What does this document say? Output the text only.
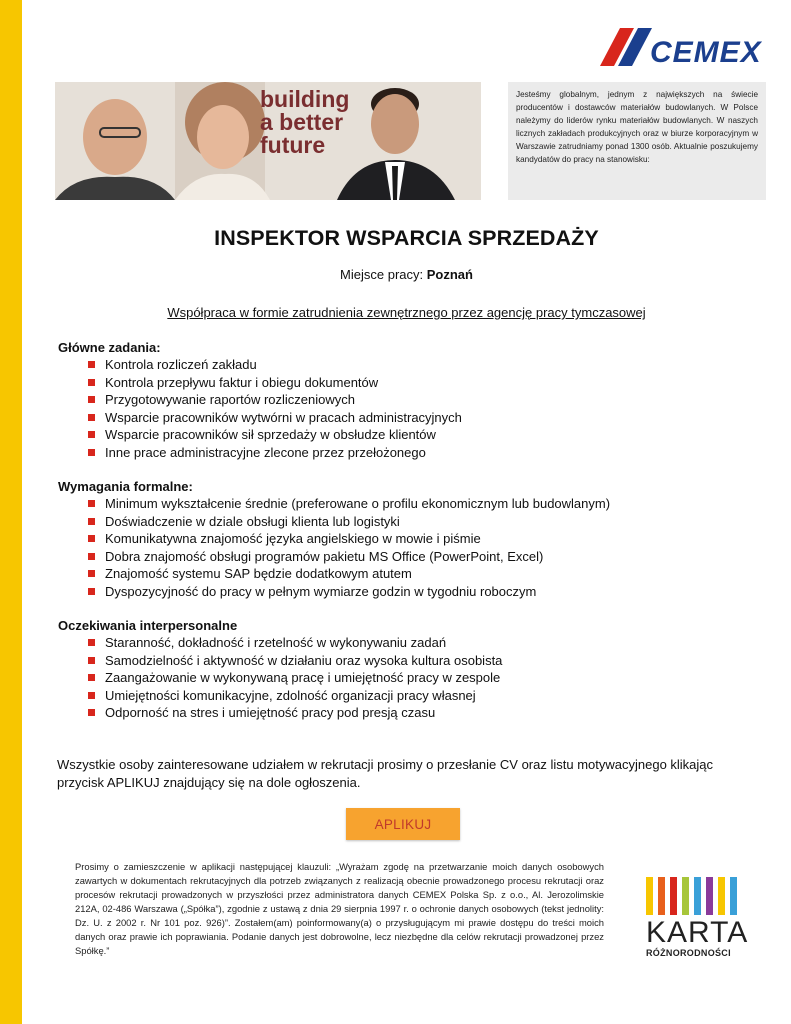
CEMEX
building
a better
future
Jesteśmy globalnym, jednym z największych na świecie producentów i dostawców materiałów budowlanych. W Polsce należymy do liderów rynku materiałów budowlanych. W naszych licznych zakładach produkcyjnych oraz w biurze korporacyjnym w Warszawie zatrudniamy ponad 1300 osób. Aktualnie poszukujemy kandydatów do pracy na stanowisku:
INSPEKTOR WSPARCIA SPRZEDAŻY
Miejsce pracy: Poznań
Współpraca w formie zatrudnienia zewnętrznego przez agencję pracy tymczasowej
Główne zadania:
Kontrola rozliczeń zakładu
Kontrola przepływu faktur i obiegu dokumentów
Przygotowywanie raportów rozliczeniowych
Wsparcie pracowników wytwórni w pracach administracyjnych
Wsparcie pracowników sił sprzedaży w obsłudze klientów
Inne prace administracyjne zlecone przez przełożonego
Wymagania formalne:
Minimum wykształcenie średnie (preferowane o profilu ekonomicznym lub budowlanym)
Doświadczenie w dziale obsługi klienta lub logistyki
Komunikatywna znajomość języka angielskiego w mowie i piśmie
Dobra znajomość obsługi programów pakietu MS Office (PowerPoint, Excel)
Znajomość systemu SAP będzie dodatkowym atutem
Dyspozycyjność do pracy w pełnym wymiarze godzin w tygodniu roboczym
Oczekiwania interpersonalne
Staranność, dokładność i rzetelność w wykonywaniu zadań
Samodzielność i aktywność w działaniu oraz wysoka kultura osobista
Zaangażowanie w wykonywaną pracę i umiejętność pracy w zespole
Umiejętności komunikacyjne, zdolność organizacji pracy własnej
Odporność na stres i umiejętność pracy pod presją czasu
Wszystkie osoby zainteresowane udziałem w rekrutacji prosimy o przesłanie CV oraz listu motywacyjnego klikając przycisk APLIKUJ znajdujący się na dole ogłoszenia.
APLIKUJ
Prosimy o zamieszczenie w aplikacji następującej klauzuli: „Wyrażam zgodę na przetwarzanie moich danych osobowych zawartych w dokumentach rekrutacyjnych dla potrzeb związanych z realizacją obecnie prowadzonego procesu rekrutacji oraz procesów rekrutacji prowadzonych w przyszłości przez administratora danych CEMEX Polska Sp. z o.o., Al. Jerozolimskie 212A, 02-486 Warszawa („Spółka”), zgodnie z ustawą z dnia 29 sierpnia 1997 r. o ochronie danych osobowych (tekst jednolity: Dz. U. z 2002 r. Nr 101 poz. 926)”. Zostałem(am) poinformowany(a) o przysługującym mi prawie dostępu do treści moich danych oraz prawie ich poprawiania. Podanie danych jest dobrowolne, lecz niezbędne dla celów rekrutacji prowadzonej przez Spółkę.”
KARTA
RÓŻNORODNOŚCI
